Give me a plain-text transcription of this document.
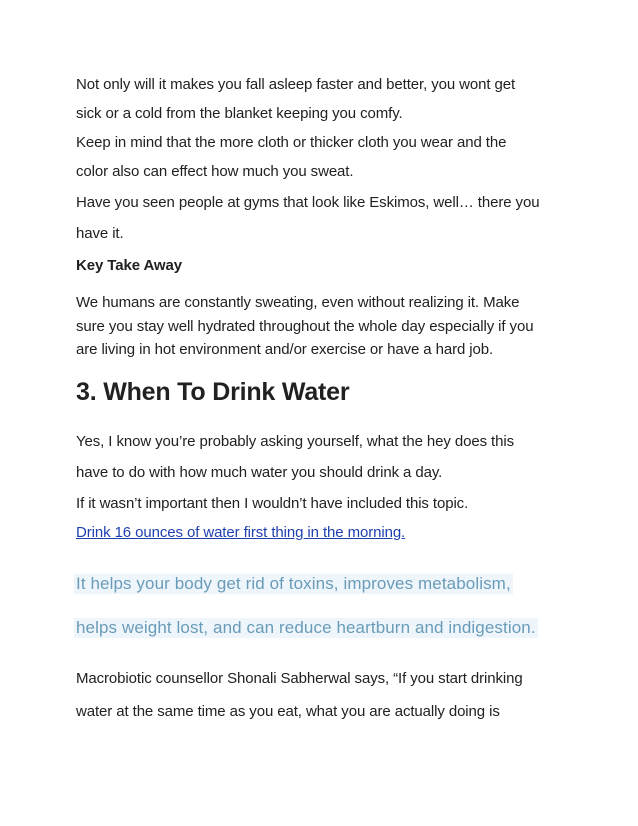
Not only will it makes you fall asleep faster and better, you wont get

sick or a cold from the blanket keeping you comfy.

Keep in mind that the more cloth or thicker cloth you wear and the

color also can effect how much you sweat.

Have you seen people at gyms that look like Eskimos, well… there you

have it.

Key Take Away

We humans are constantly sweating, even without realizing it. Make

sure you stay well hydrated throughout the whole day especially if you

are living in hot environment and/or exercise or have a hard job.

3. When To Drink Water

Yes, I know you’re probably asking yourself, what the hey does this

have to do with how much water you should drink a day.

If it wasn’t important then I wouldn’t have included this topic.

Drink 16 ounces of water first thing in the morning.

It helps your body get rid of toxins, improves metabolism,

helps weight lost, and can reduce heartburn and indigestion.

Macrobiotic counsellor Shonali Sabherwal says, “If you start drinking

water at the same time as you eat, what you are actually doing is
